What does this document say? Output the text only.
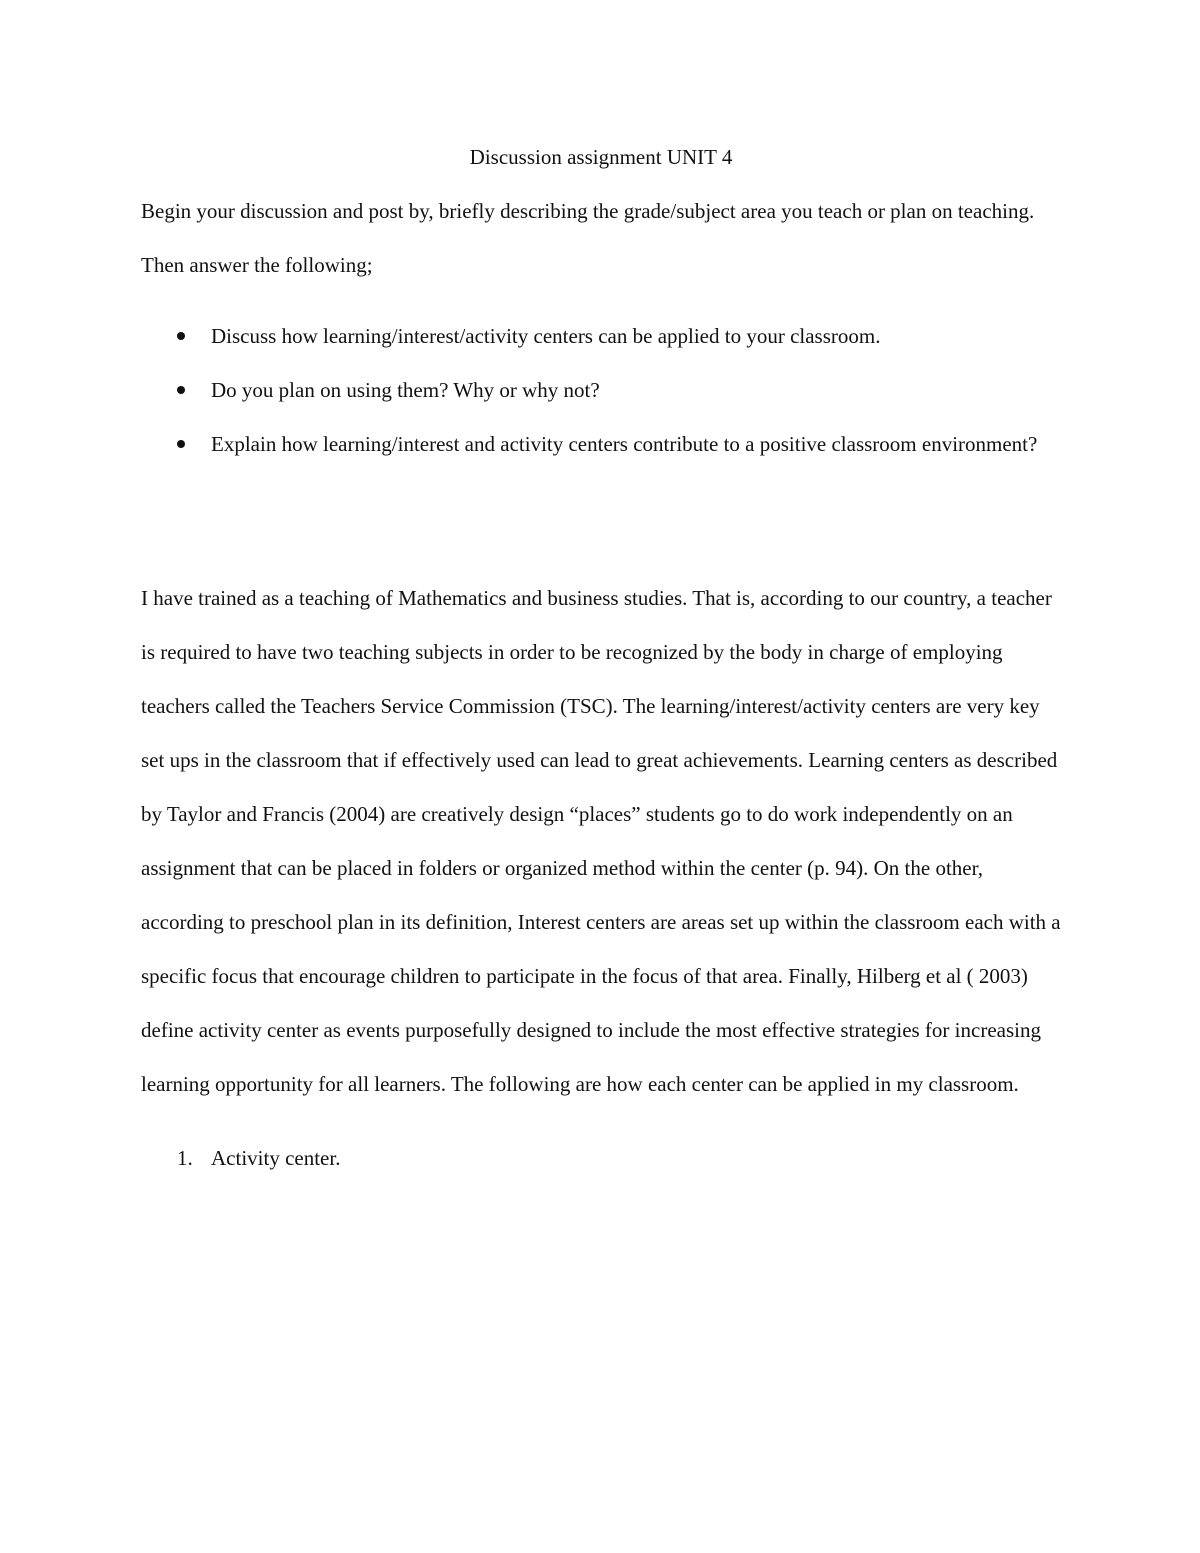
Discussion assignment UNIT 4

Begin your discussion and post by, briefly describing the grade/subject area you teach or plan on teaching. Then answer the following;

Discuss how learning/interest/activity centers can be applied to your classroom.
Do you plan on using them? Why or why not?
Explain how learning/interest and activity centers contribute to a positive classroom environment?

I have trained as a teaching of Mathematics and business studies. That is, according to our country, a teacher is required to have two teaching subjects in order to be recognized by the body in charge of employing teachers called the Teachers Service Commission (TSC). The learning/interest/activity centers are very key set ups in the classroom that if effectively used can lead to great achievements. Learning centers as described by Taylor and Francis (2004) are creatively design “places” students go to do work independently on an assignment that can be placed in folders or organized method within the center (p. 94). On the other, according to preschool plan in its definition, Interest centers are areas set up within the classroom each with a specific focus that encourage children to participate in the focus of that area. Finally, Hilberg et al ( 2003) define activity center as events purposefully designed to include the most effective strategies for increasing learning opportunity for all learners. The following are how each center can be applied in my classroom.

1. Activity center.
